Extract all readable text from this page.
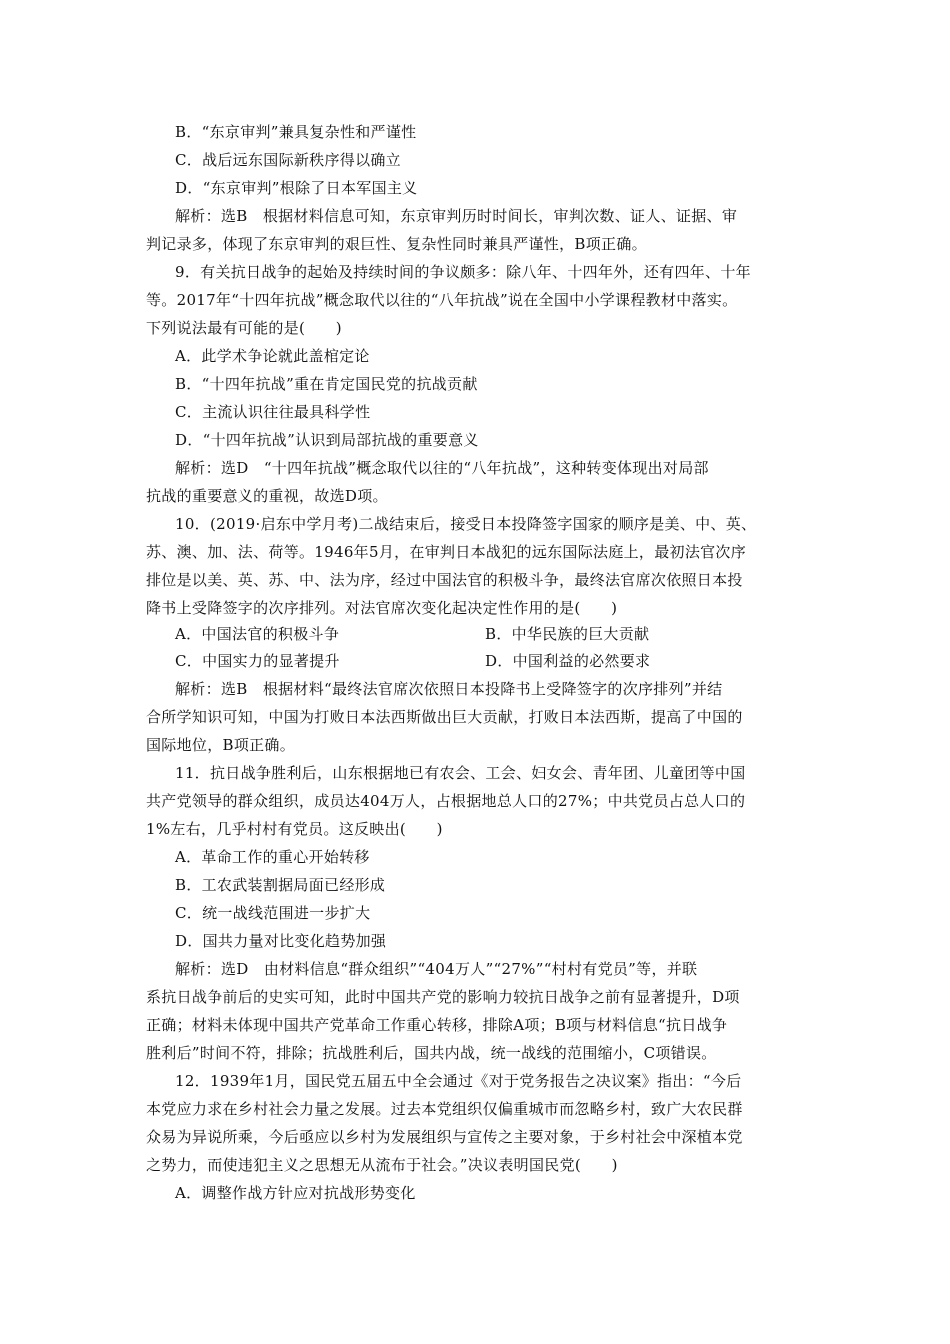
B．“东京审判”兼具复杂性和严谨性
C．战后远东国际新秩序得以确立
D．“东京审判”根除了日本军国主义
解析：选B　根据材料信息可知，东京审判历时时间长，审判次数、证人、证据、审
判记录多，体现了东京审判的艰巨性、复杂性同时兼具严谨性，B项正确。
9．有关抗日战争的起始及持续时间的争议颇多：除八年、十四年外，还有四年、十年
等。2017年“十四年抗战”概念取代以往的“八年抗战”说在全国中小学课程教材中落实。
下列说法最有可能的是(　　)
A．此学术争论就此盖棺定论
B．“十四年抗战”重在肯定国民党的抗战贡献
C．主流认识往往最具科学性
D．“十四年抗战”认识到局部抗战的重要意义
解析：选D　“十四年抗战”概念取代以往的“八年抗战”，这种转变体现出对局部
抗战的重要意义的重视，故选D项。
10．(2019·启东中学月考)二战结束后，接受日本投降签字国家的顺序是美、中、英、
苏、澳、加、法、荷等。1946年5月，在审判日本战犯的远东国际法庭上，最初法官次序
排位是以美、英、苏、中、法为序，经过中国法官的积极斗争，最终法官席次依照日本投
降书上受降签字的次序排列。对法官席次变化起决定性作用的是(　　)
A．中国法官的积极斗争	B．中华民族的巨大贡献
C．中国实力的显著提升	D．中国利益的必然要求
解析：选B　根据材料“最终法官席次依照日本投降书上受降签字的次序排列”并结
合所学知识可知，中国为打败日本法西斯做出巨大贡献，打败日本法西斯，提高了中国的
国际地位，B项正确。
11．抗日战争胜利后，山东根据地已有农会、工会、妇女会、青年团、儿童团等中国
共产党领导的群众组织，成员达404万人，占根据地总人口的27%；中共党员占总人口的
1%左右，几乎村村有党员。这反映出(　　)
A．革命工作的重心开始转移
B．工农武装割据局面已经形成
C．统一战线范围进一步扩大
D．国共力量对比变化趋势加强
解析：选D　由材料信息“群众组织”“404万人”“27%”“村村有党员”等，并联
系抗日战争前后的史实可知，此时中国共产党的影响力较抗日战争之前有显著提升，D项
正确；材料未体现中国共产党革命工作重心转移，排除A项；B项与材料信息“抗日战争
胜利后”时间不符，排除；抗战胜利后，国共内战，统一战线的范围缩小，C项错误。
12．1939年1月，国民党五届五中全会通过《对于党务报告之决议案》指出：“今后
本党应力求在乡村社会力量之发展。过去本党组织仅偏重城市而忽略乡村，致广大农民群
众易为异说所乘，今后亟应以乡村为发展组织与宣传之主要对象，于乡村社会中深植本党
之势力，而使违犯主义之思想无从流布于社会。”决议表明国民党(　　)
A．调整作战方针应对抗战形势变化
